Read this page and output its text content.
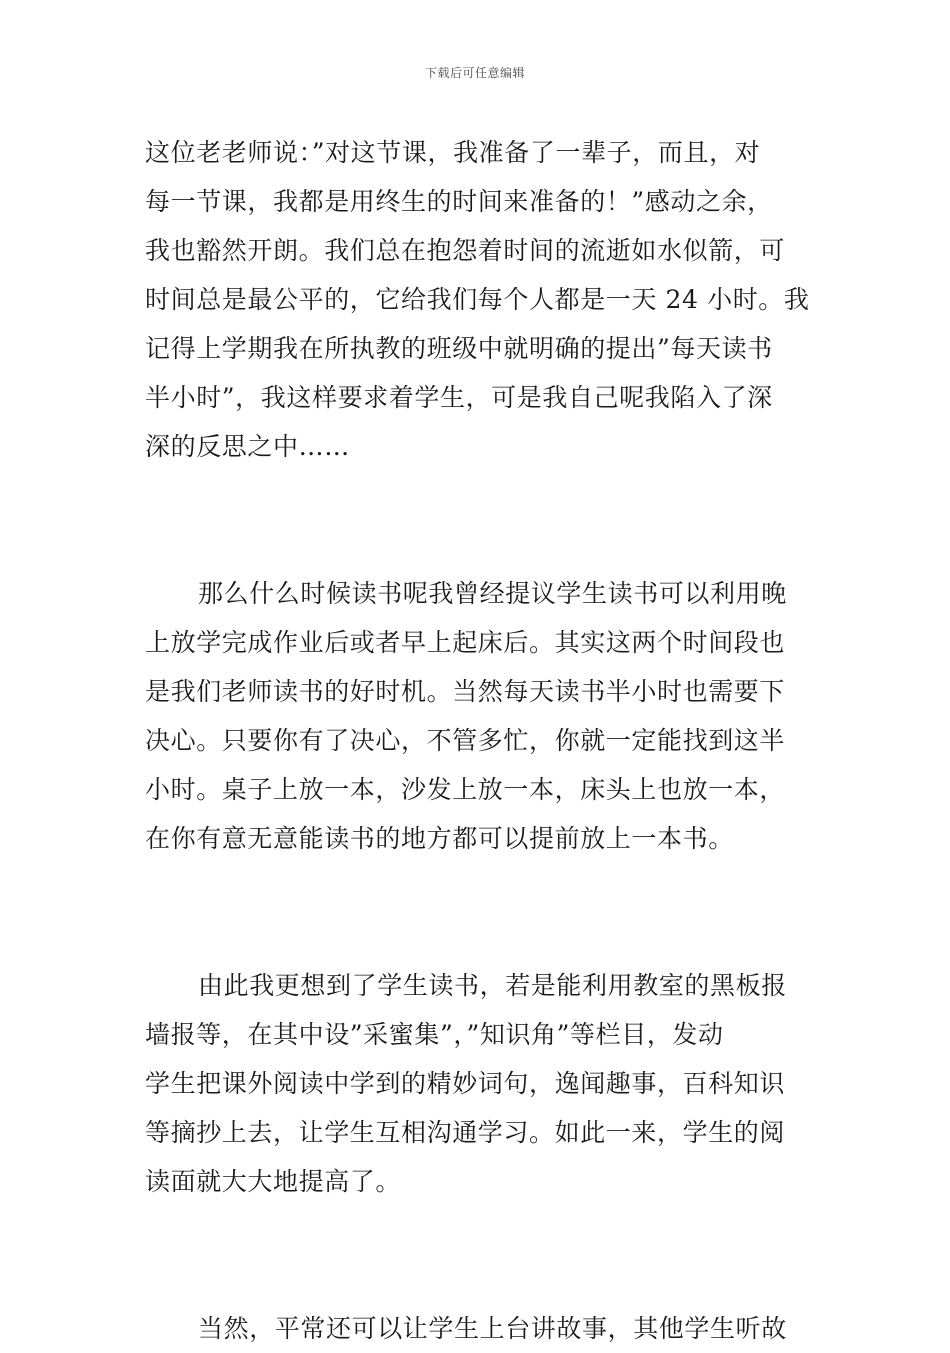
下载后可任意编辑
这位老老师说：”对这节课，我准备了一辈子，而且，对
每一节课，我都是用终生的时间来准备的！”感动之余，
我也豁然开朗。我们总在抱怨着时间的流逝如水似箭，可
时间总是最公平的，它给我们每个人都是一天 24 小时。我
记得上学期我在所执教的班级中就明确的提出”每天读书
半小时”，我这样要求着学生，可是我自己呢我陷入了深
深的反思之中……
那么什么时候读书呢我曾经提议学生读书可以利用晚
上放学完成作业后或者早上起床后。其实这两个时间段也
是我们老师读书的好时机。当然每天读书半小时也需要下
决心。只要你有了决心，不管多忙，你就一定能找到这半
小时。桌子上放一本，沙发上放一本，床头上也放一本，
在你有意无意能读书的地方都可以提前放上一本书。
由此我更想到了学生读书，若是能利用教室的黑板报
墙报等，在其中设”采蜜集”，”知识角”等栏目，发动
学生把课外阅读中学到的精妙词句，逸闻趣事，百科知识
等摘抄上去，让学生互相沟通学习。如此一来，学生的阅
读面就大大地提高了。
当然，平常还可以让学生上台讲故事，其他学生听故
